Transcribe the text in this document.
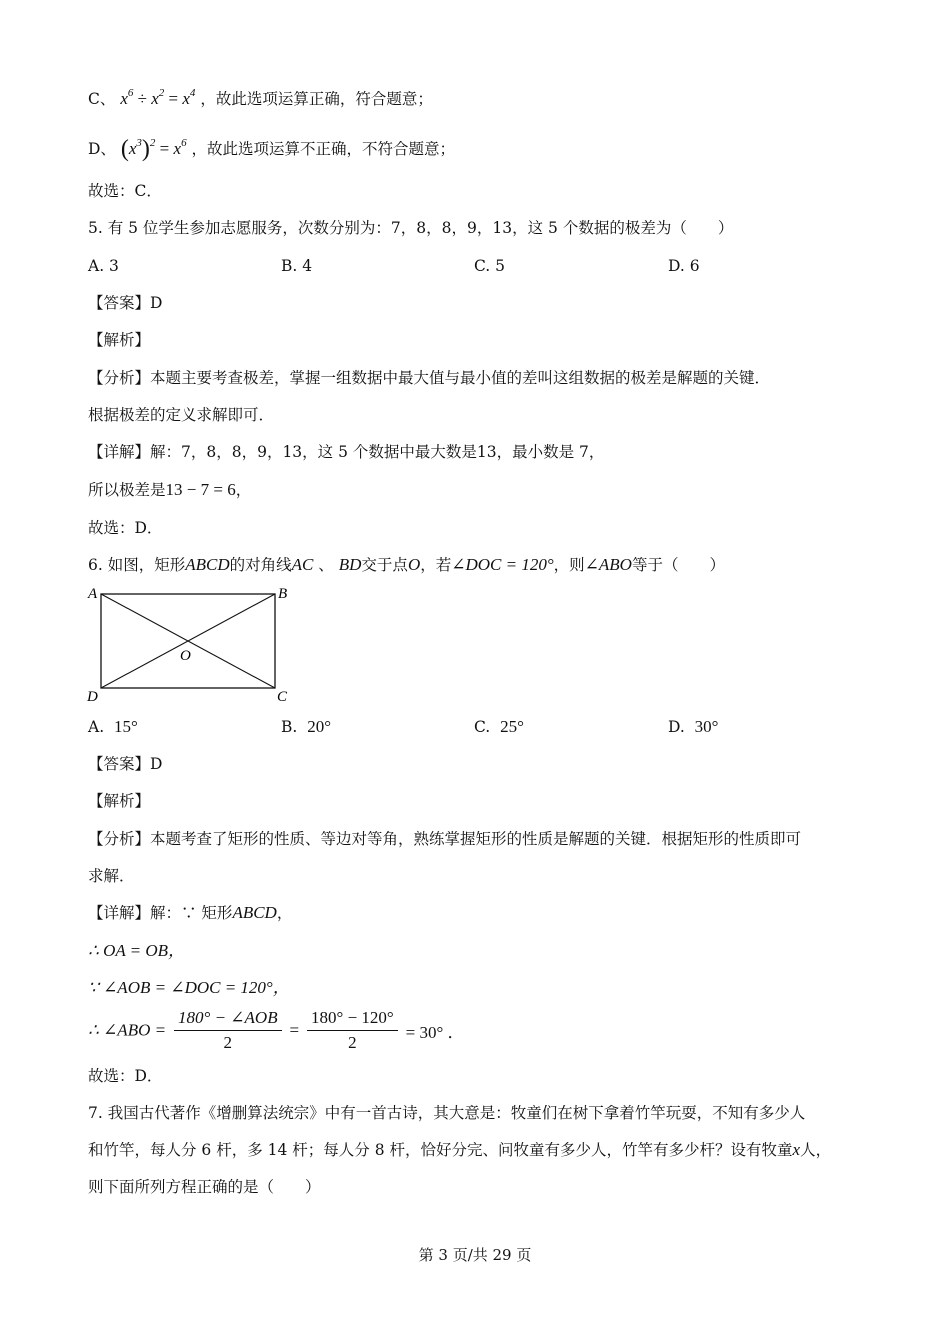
C、 $x^6 \div x^2 = x^4$ ，故此选项运算正确，符合题意；
D、 $(x^3)^2 = x^6$ ，故此选项运算不正确，不符合题意；
故选：C．
5. 有 5 位学生参加志愿服务，次数分别为：7，8，8，9，13，这 5 个数据的极差为（　　）
A. 3	B. 4	C. 5	D. 6
【答案】D
【解析】
【分析】本题主要考查极差，掌握一组数据中最大值与最小值的差叫这组数据的极差是解题的关键．
根据极差的定义求解即可．
【详解】解：7，8，8，9，13，这 5 个数据中最大数是13，最小数是 7，
所以极差是13 − 7 = 6，
故选：D．
6. 如图，矩形ABCD的对角线AC 、 BD交于点O，若∠DOC = 120°，则∠ABO等于（　　）
A	B
C
D
O
A. 15°	B. 20°	C. 25°	D. 30°
【答案】D
【解析】
【分析】本题考查了矩形的性质、等边对等角，熟练掌握矩形的性质是解题的关键．根据矩形的性质即可
求解．
【详解】解：∵ 矩形ABCD，
∴ OA = OB，
∵ ∠AOB = ∠DOC = 120°，
∴ ∠ABO = $\frac{\text{180° − ∠AOB}}{2} = \frac{180^\circ - 120^\circ}{2} = 30^\circ$ ．
故选：D．
7. 我国古代著作《增删算法统宗》中有一首古诗，其大意是：牧童们在树下拿着竹竿玩耍，不知有多少人
和竹竿，每人分 6 杆，多 14 杆；每人分 8 杆，恰好分完、问牧童有多少人，竹竿有多少杆？设有牧童x人，
则下面所列方程正确的是（　　）
第 3 页/共 29 页
